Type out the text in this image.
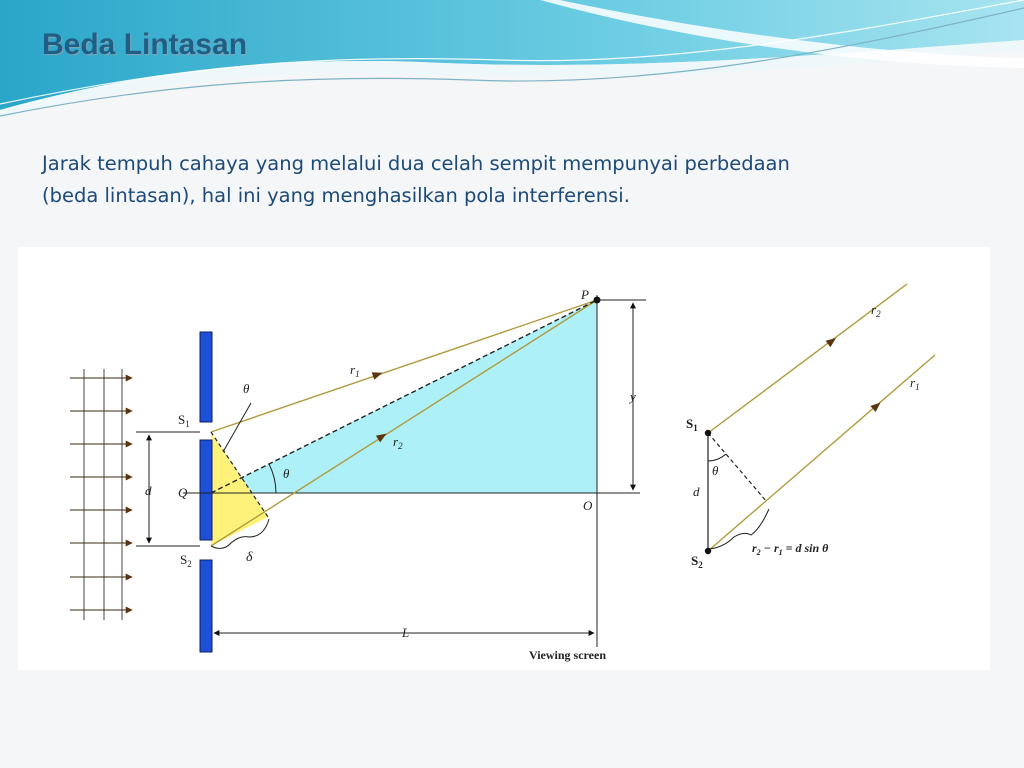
Beda Lintasan
Jarak tempuh cahaya yang melalui dua celah sempit mempunyai perbedaan
(beda lintasan), hal ini yang menghasilkan pola interferensi.
$S_1$
$S_2$
P
Q
O
$r_1$
$r_2$
θ
θ
δ
d
y
L
Viewing screen
$S_1$
$S_2$
$r_2$
$r_1$
θ
d
$r_2 - r_1 = d$ sin θ
